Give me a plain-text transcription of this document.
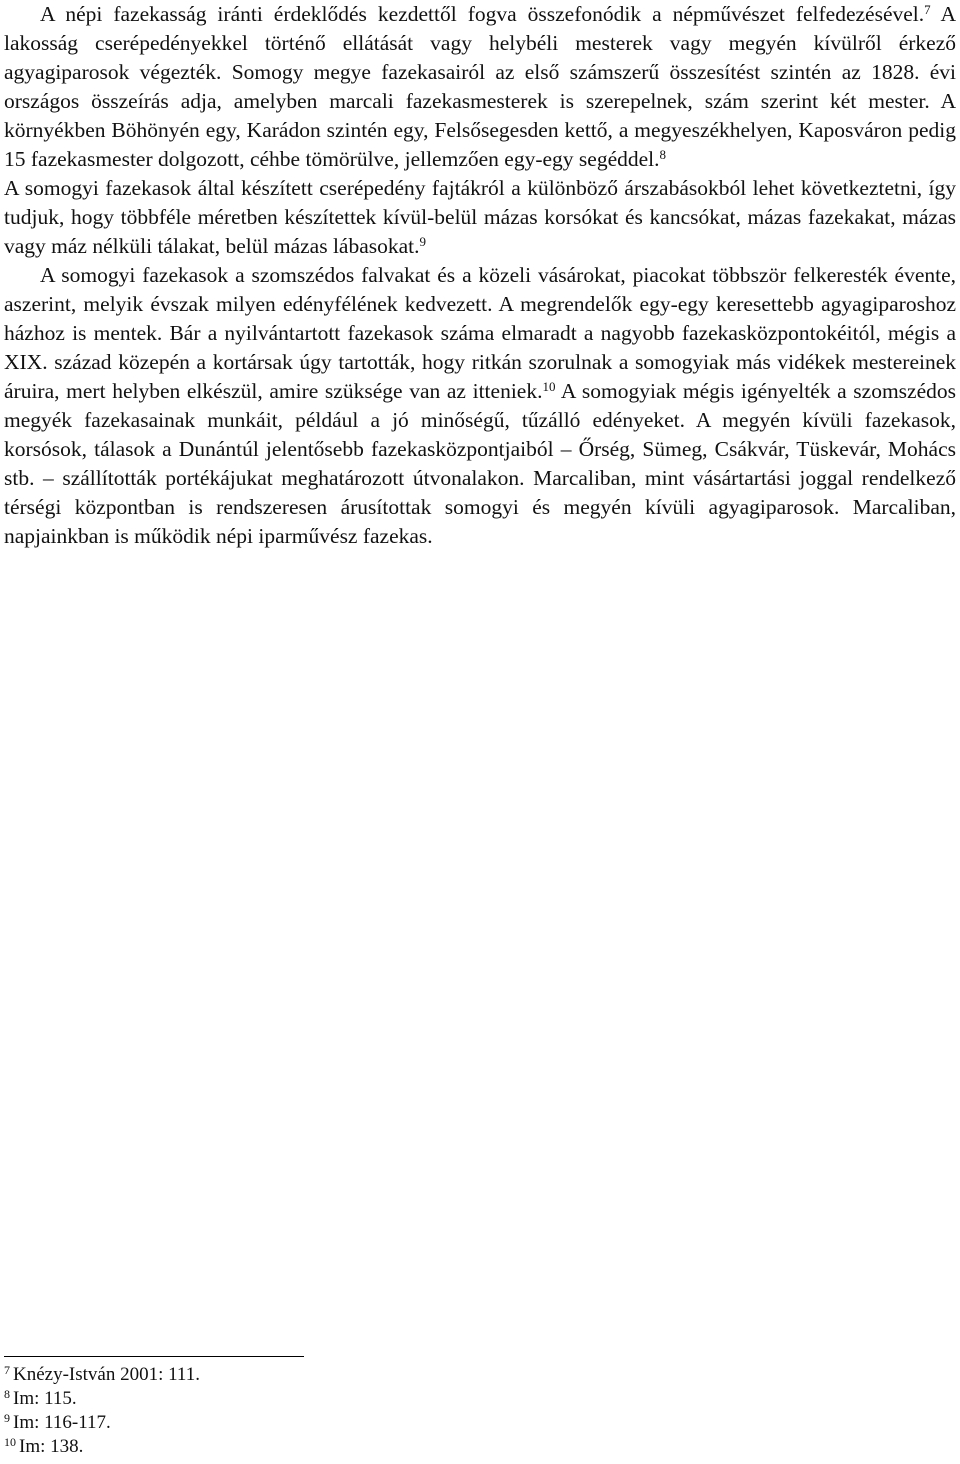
A népi fazekasság iránti érdeklődés kezdettől fogva összefonódik a népművészet felfedezésével.$^7$ A lakosság cserépedényekkel történő ellátását vagy helybéli mesterek vagy megyén kívülről érkező agyagiparosok végezték. Somogy megye fazekasairól az első számszerű összesítést szintén az 1828. évi országos összeírás adja, amelyben marcali fazekasmesterek is szerepelnek, szám szerint két mester. A környékben Böhönyén egy, Karádon szintén egy, Felsősegesden kettő, a megyeszékhelyen, Kaposváron pedig 15 fazekasmester dolgozott, céhbe tömörülve, jellemzően egy-egy segéddel.$^8$

A somogyi fazekasok által készített cserépedény fajtákról a különböző árszabásokból lehet következtetni, így tudjuk, hogy többféle méretben készítettek kívül-belül mázas korsókat és kancsókat, mázas fazekakat, mázas vagy máz nélküli tálakat, belül mázas lábasokat.$^9$

A somogyi fazekasok a szomszédos falvakat és a közeli vásárokat, piacokat többször felkeresték évente, aszerint, melyik évszak milyen edényfélének kedvezett. A megrendelők egy-egy keresettebb agyagiparoshoz házhoz is mentek. Bár a nyilvántartott fazekasok száma elmaradt a nagyobb fazekasközpontokéitól, mégis a XIX. század közepén a kortársak úgy tartották, hogy ritkán szorulnak a somogyiak más vidékek mestereinek áruira, mert helyben elkészül, amire szüksége van az itteniek.$^{10}$ A somogyiak mégis igényelték a szomszédos megyék fazekasainak munkáit, például a jó minőségű, tűzálló edényeket. A megyén kívüli fazekasok, korsósok, tálasok a Dunántúl jelentősebb fazekasközpontjaiból – Őrség, Sümeg, Csákvár, Tüskevár, Mohács stb. – szállították portékájukat meghatározott útvonalakon. Marcaliban, mint vásártartási joggal rendelkező térségi központban is rendszeresen árusítottak somogyi és megyén kívüli agyagiparosok. Marcaliban, napjainkban is működik népi iparművész fazekas.

$^7$ Knézy-István 2001: 111.
$^8$ Im: 115.
$^9$ Im: 116-117.
$^{10}$ Im: 138.
